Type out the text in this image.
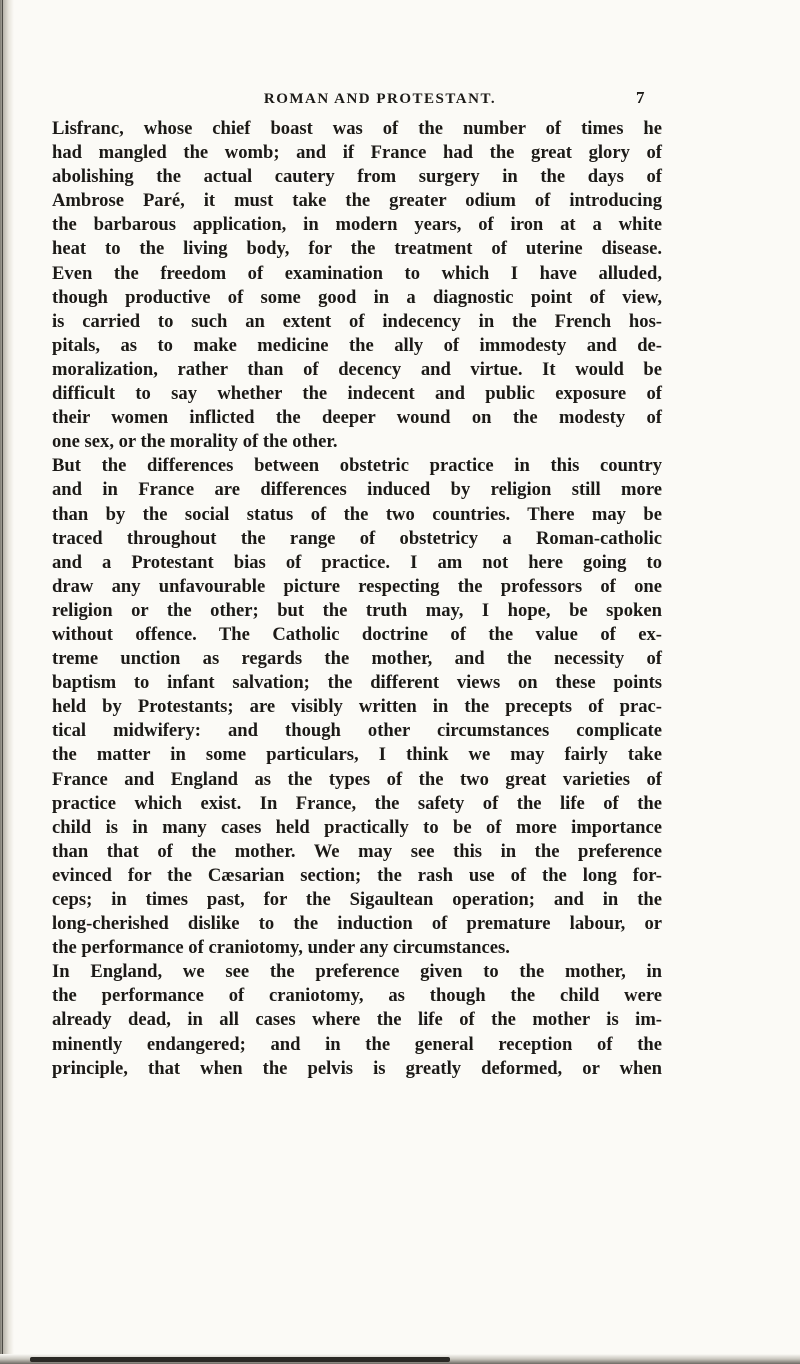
ROMAN AND PROTESTANT.	7
Lisfranc, whose chief boast was of the number of times he
had mangled the womb; and if France had the great glory of
abolishing the actual cautery from surgery in the days of
Ambrose Paré, it must take the greater odium of introducing
the barbarous application, in modern years, of iron at a white
heat to the living body, for the treatment of uterine disease.
Even the freedom of examination to which I have alluded,
though productive of some good in a diagnostic point of view,
is carried to such an extent of indecency in the French hos-
pitals, as to make medicine the ally of immodesty and de-
moralization, rather than of decency and virtue. It would be
difficult to say whether the indecent and public exposure of
their women inflicted the deeper wound on the modesty of
one sex, or the morality of the other.
But the differences between obstetric practice in this country
and in France are differences induced by religion still more
than by the social status of the two countries. There may be
traced throughout the range of obstetricy a Roman-catholic
and a Protestant bias of practice. I am not here going to
draw any unfavourable picture respecting the professors of one
religion or the other; but the truth may, I hope, be spoken
without offence. The Catholic doctrine of the value of ex-
treme unction as regards the mother, and the necessity of
baptism to infant salvation; the different views on these points
held by Protestants; are visibly written in the precepts of prac-
tical midwifery: and though other circumstances complicate
the matter in some particulars, I think we may fairly take
France and England as the types of the two great varieties of
practice which exist. In France, the safety of the life of the
child is in many cases held practically to be of more importance
than that of the mother. We may see this in the preference
evinced for the Cæsarian section; the rash use of the long for-
ceps; in times past, for the Sigaultean operation; and in the
long-cherished dislike to the induction of premature labour, or
the performance of craniotomy, under any circumstances.
In England, we see the preference given to the mother, in
the performance of craniotomy, as though the child were
already dead, in all cases where the life of the mother is im-
minently endangered; and in the general reception of the
principle, that when the pelvis is greatly deformed, or when
